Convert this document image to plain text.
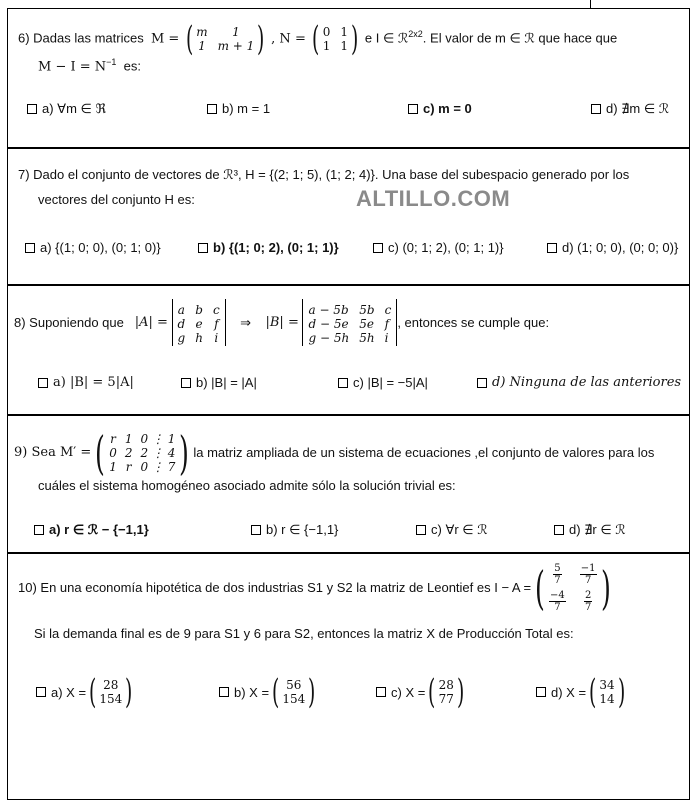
6) Dadas las matrices M = ( m	1
1 m + 1 ) , N = ( 0 1
1 1 ) e I ∈ ℛ$^{2x2}$. El valor de m ∈ ℛ que hace que
$M - I = N^{-1}$ es:
a) ∀m ∈ ℜ	b) m = 1	c) m = 0	d) ∄m ∈ ℛ
7) Dado el conjunto de vectores de ℛ³, H = {(2; 1; 5), (1; 2; 4)}. Una base del subespacio generado por los
vectores del conjunto H es:	ALTILLO.COM
a) {(1; 0; 0), (0; 1; 0)}	b) {(1; 0; 2), (0; 1; 1)}	c) (0; 1; 2), (0; 1; 1)}	d) (1; 0; 0), (0; 0; 0)}
8) Suponiendo que
|A| =

a b c
d e f
g h i

⇒
|B| =

a − 5b 5b c
d − 5e 5e f
g − 5h 5h i
, entonces se cumple que:
a) |B| = 5|A|	b) |B| = |A|	c) |B| = −5|A|	d) Ninguna de las anteriores
9) Sea M′ = ( r 1 0 ⋮ 1
0 2 2 ⋮ 4
1 r 0 ⋮ 7 ) la matriz ampliada de un sistema de ecuaciones ,el conjunto de valores para los
cuáles el sistema homogéneo asociado admite sólo la solución trivial es:
a) r ∈ ℛ − {−1,1}	b) r ∈ {−1,1}	c) ∀r ∈ ℛ	d) ∄r ∈ ℛ
10) En una economía hipotética de dos industrias S1 y S2 la matriz de Leontief es I − A = ( $\frac{5}{7} \frac{-1}{7}$
$\frac{-4}{7} \frac{2}{7}$ )
Si la demanda final es de 9 para S1 y 6 para S2, entonces la matriz X de Producción Total es:
a) X = ( 28
154 )	b) X = ( 56
154 )	c) X = ( 28
77 )	d) X = ( 34
14 )
